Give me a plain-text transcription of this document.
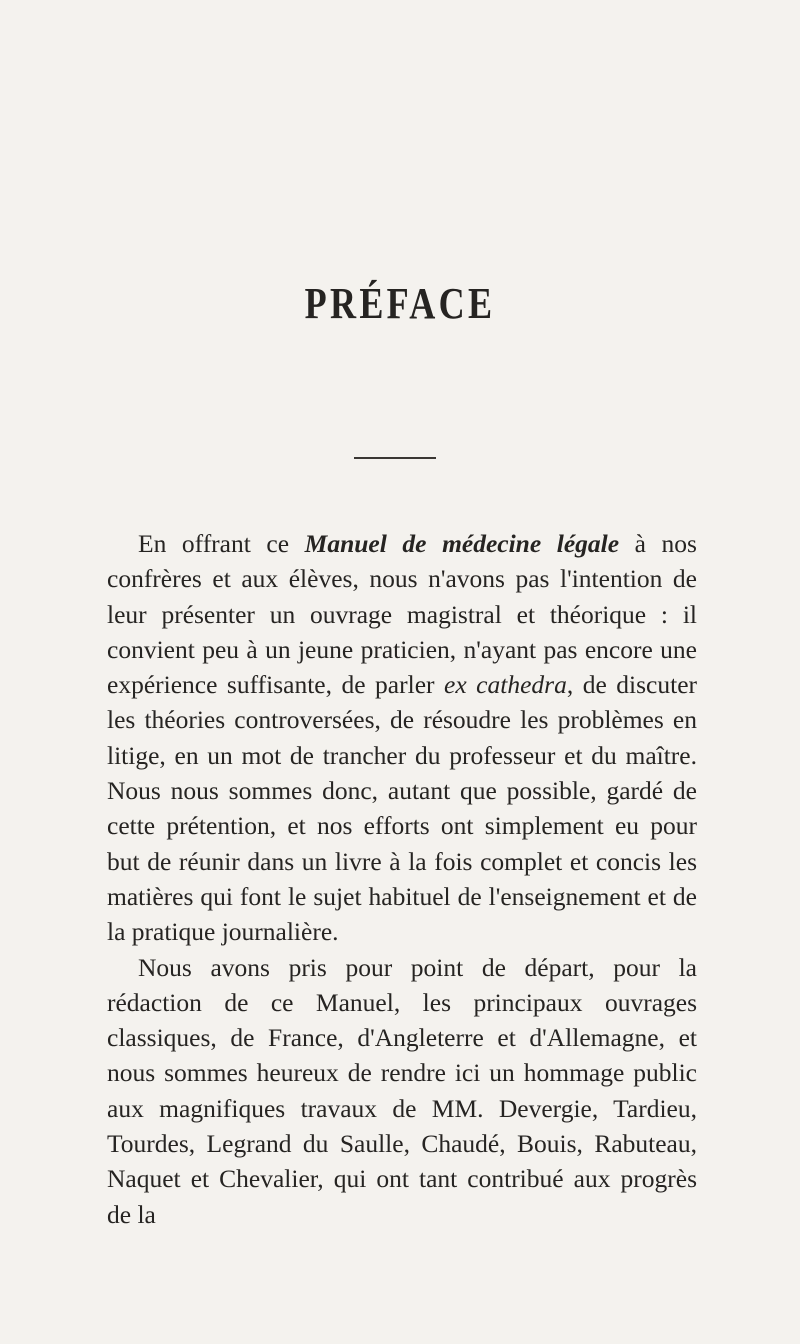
PRÉFACE

En offrant ce Manuel de médecine légale à nos confrères et aux élèves, nous n'avons pas l'intention de leur présenter un ouvrage magistral et théorique : il convient peu à un jeune praticien, n'ayant pas encore une expérience suffisante, de parler ex cathedra, de discuter les théories controversées, de résoudre les problèmes en litige, en un mot de trancher du professeur et du maître. Nous nous sommes donc, autant que possible, gardé de cette prétention, et nos efforts ont simplement eu pour but de réunir dans un livre à la fois complet et concis les matières qui font le sujet habituel de l'enseignement et de la pratique journalière.

Nous avons pris pour point de départ, pour la rédaction de ce Manuel, les principaux ouvrages classiques, de France, d'Angleterre et d'Allemagne, et nous sommes heureux de rendre ici un hommage public aux magnifiques travaux de MM. Devergie, Tardieu, Tourdes, Legrand du Saulle, Chaudé, Bouis, Rabuteau, Naquet et Chevalier, qui ont tant contribué aux progrès de la
